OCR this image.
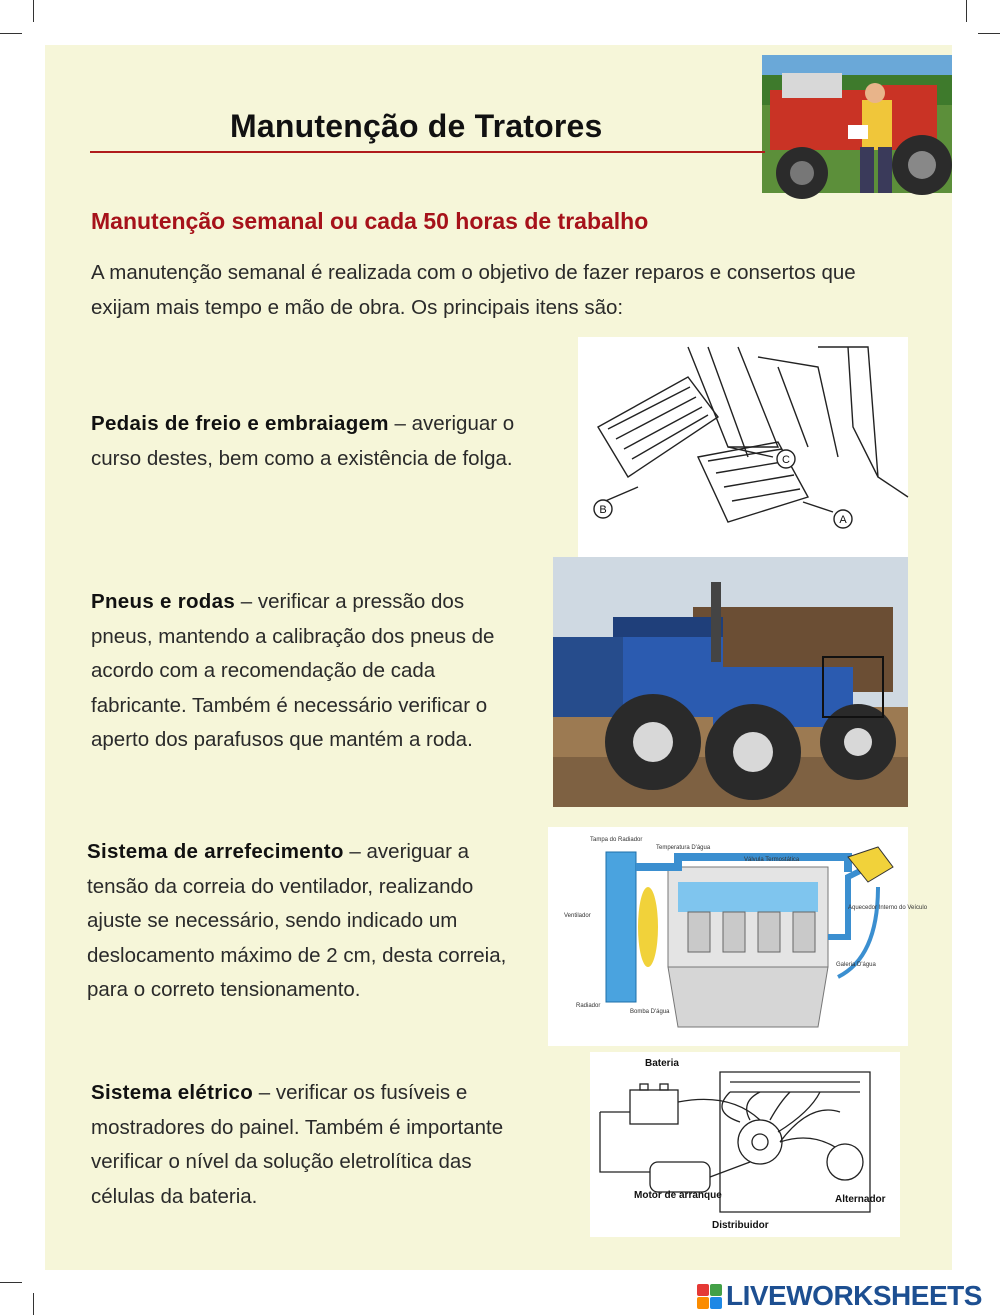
Manutenção de Tratores
Manutenção semanal ou cada 50 horas de trabalho
A manutenção semanal é realizada com o objetivo de fazer reparos e consertos que exijam mais tempo e mão de obra. Os principais itens são:
Pedais de freio e embraiagem – averiguar o curso destes, bem como a existência de folga.	C
B
A
Pneus e rodas – verificar a pressão dos pneus, mantendo a calibração dos pneus de acordo com a recomendação de cada fabricante. Também é necessário verificar o aperto dos parafusos que mantém a roda.
Sistema de arrefecimento – averiguar a tensão da correia do ventilador, realizando ajuste se necessário, sendo indicado um deslocamento máximo de 2 cm, desta correia, para o correto tensionamento.
Tampa do Radiador
Temperatura D'água
Válvula Termostática
Ventilador
Aquecedor Interno do Veículo
Galeria D'água
Radiador
Bomba D'água
Sistema elétrico – verificar os fusíveis e mostradores do painel. Também é importante verificar o nível da solução eletrolítica das células da bateria.
Bateria
Motor de arranque	Alternador
Distribuidor
LIVEWORKSHEETS
